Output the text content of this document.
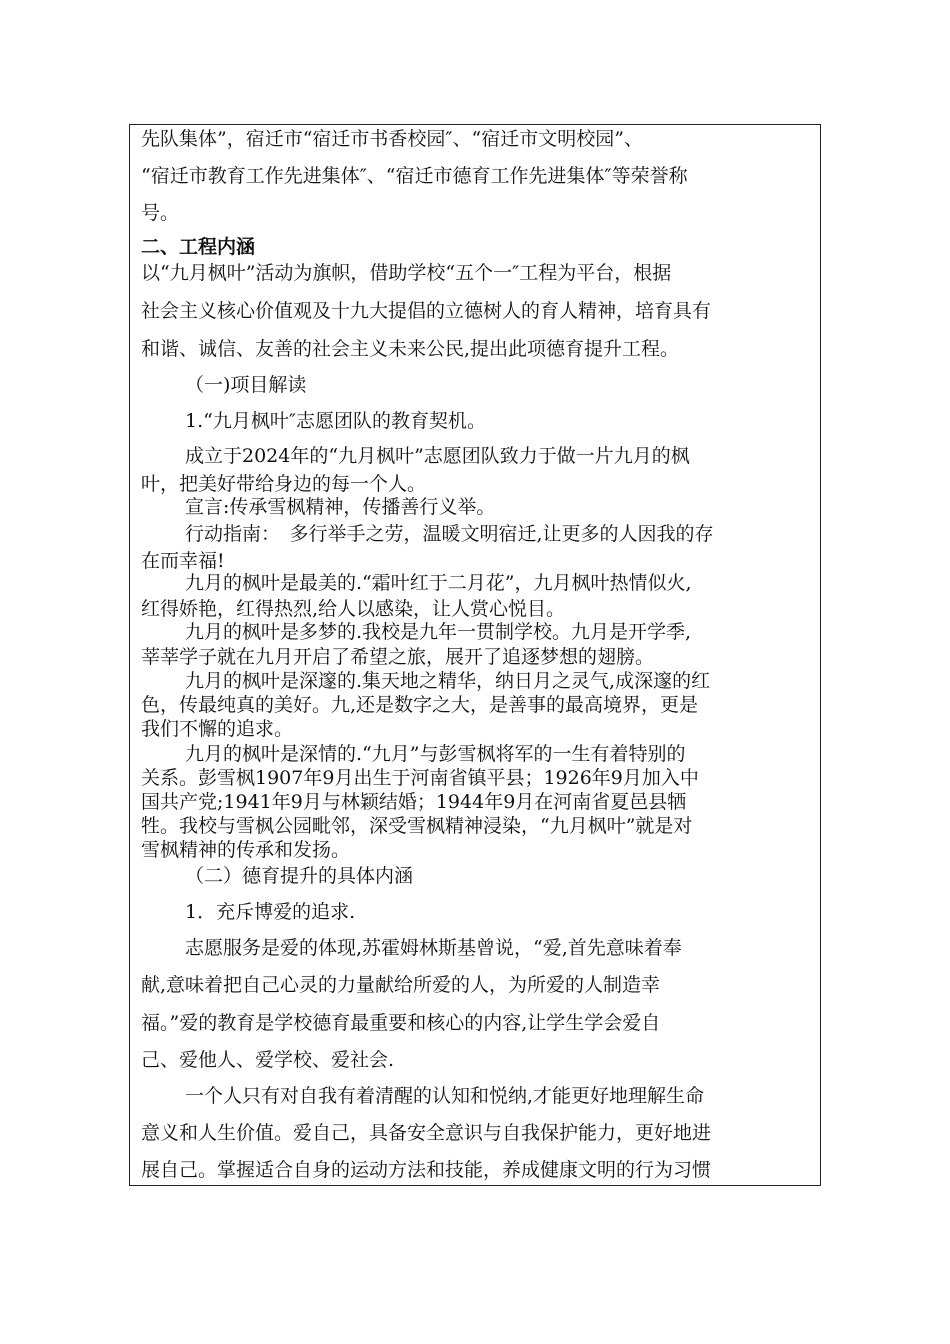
先队集体”，宿迁市“宿迁市书香校园″、“宿迁市文明校园”、

“宿迁市教育工作先进集体″、“宿迁市德育工作先进集体″等荣誉称

号。

二、工程内涵

以“九月枫叶”活动为旗帜，借助学校“五个一″工程为平台，根据

社会主义核心价值观及十九大提倡的立德树人的育人精神，培育具有

和谐、诚信、友善的社会主义未来公民,提出此项德育提升工程。

（一)项目解读

1.“九月枫叶″志愿团队的教育契机。

成立于2024年的“九月枫叶”志愿团队致力于做一片九月的枫

叶，把美好带给身边的每一个人。

宣言:传承雪枫精神，传播善行义举。

行动指南：　多行举手之劳，温暖文明宿迁,让更多的人因我的存

在而幸福!

九月的枫叶是最美的.“霜叶红于二月花”，九月枫叶热情似火,

红得娇艳，红得热烈,给人以感染，让人赏心悦目。

九月的枫叶是多梦的.我校是九年一贯制学校。九月是开学季,

莘莘学子就在九月开启了希望之旅，展开了追逐梦想的翅膀。

九月的枫叶是深邃的.集天地之精华，纳日月之灵气,成深邃的红

色，传最纯真的美好。九,还是数字之大，是善事的最高境界，更是

我们不懈的追求。

九月的枫叶是深情的.“九月”与彭雪枫将军的一生有着特别的

关系。彭雪枫1907年9月出生于河南省镇平县；1926年9月加入中

国共产党;1941年9月与林颖结婚；1944年9月在河南省夏邑县牺

牲。我校与雪枫公园毗邻，深受雪枫精神浸染，“九月枫叶”就是对

雪枫精神的传承和发扬。

（二）德育提升的具体内涵

1．充斥博爱的追求.

志愿服务是爱的体现,苏霍姆林斯基曾说，“爱,首先意味着奉

献,意味着把自己心灵的力量献给所爱的人，为所爱的人制造幸

福。”爱的教育是学校德育最重要和核心的内容,让学生学会爱自

己、爱他人、爱学校、爱社会.

一个人只有对自我有着清醒的认知和悦纳,才能更好地理解生命

意义和人生价值。爱自己，具备安全意识与自我保护能力，更好地进

展自己。掌握适合自身的运动方法和技能，养成健康文明的行为习惯
